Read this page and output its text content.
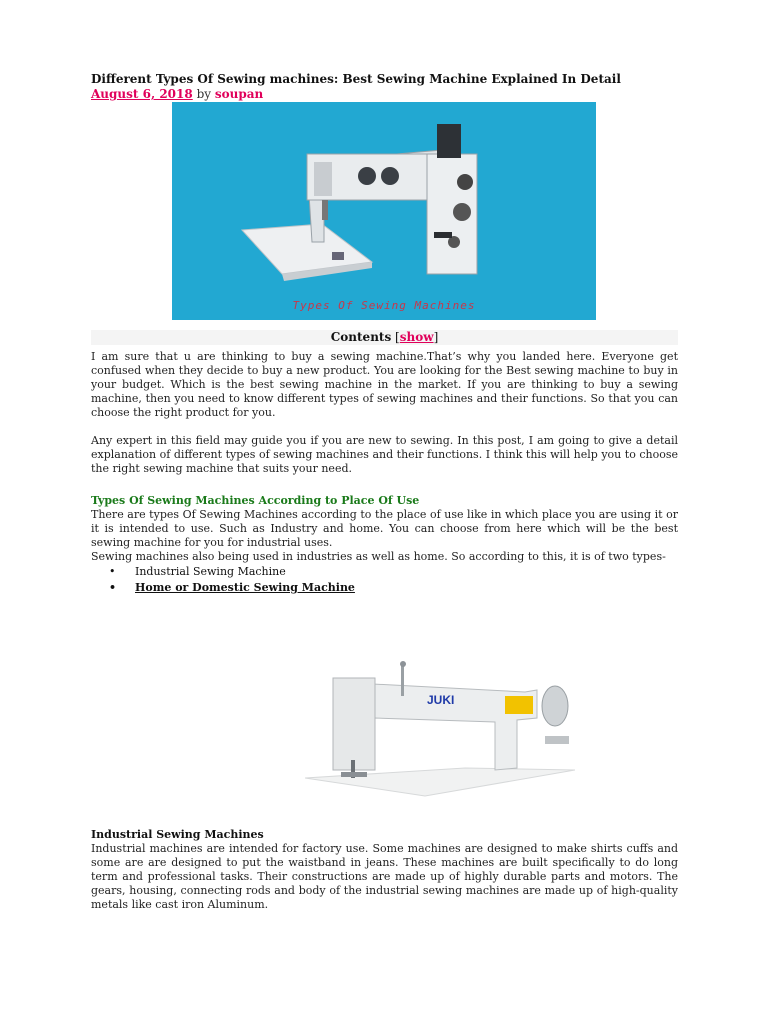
Different Types Of Sewing machines: Best Sewing Machine Explained In Detail

August 6, 2018 by soupan

Types Of Sewing Machines
Contents [show]

I am sure that u are thinking to buy a sewing machine.That’s why you landed here. Everyone get confused when they decide to buy a new product. You are looking for the Best sewing machine to buy in your budget. Which is the best sewing machine in the market. If you are thinking to buy a sewing machine, then you need to know different types of sewing machines and their functions. So that you can choose the right product for you.

Any expert in this field may guide you if you are new to sewing. In this post, I am going to give a detail explanation of different types of sewing machines and their functions. I think this will help you to choose the right sewing machine that suits your need.

Types Of Sewing Machines According to Place Of Use

There are types Of Sewing Machines according to the place of use like in which place you are using it or it is intended to use. Such as Industry and home. You can choose from here which will be the best sewing machine for you for industrial uses.

Sewing machines also being used in industries as well as home. So according to this, it is of two types-

• Industrial Sewing Machine
• Home or Domestic Sewing Machine
JUKI
Industrial Sewing Machines

Industrial machines are intended for factory use. Some machines are designed to make shirts cuffs and some are are designed to put the waistband in jeans. These machines are built specifically to do long term and professional tasks. Their constructions are made up of highly durable parts and motors. The gears, housing, connecting rods and body of the industrial sewing machines are made up of high-quality metals like cast iron Aluminum.
